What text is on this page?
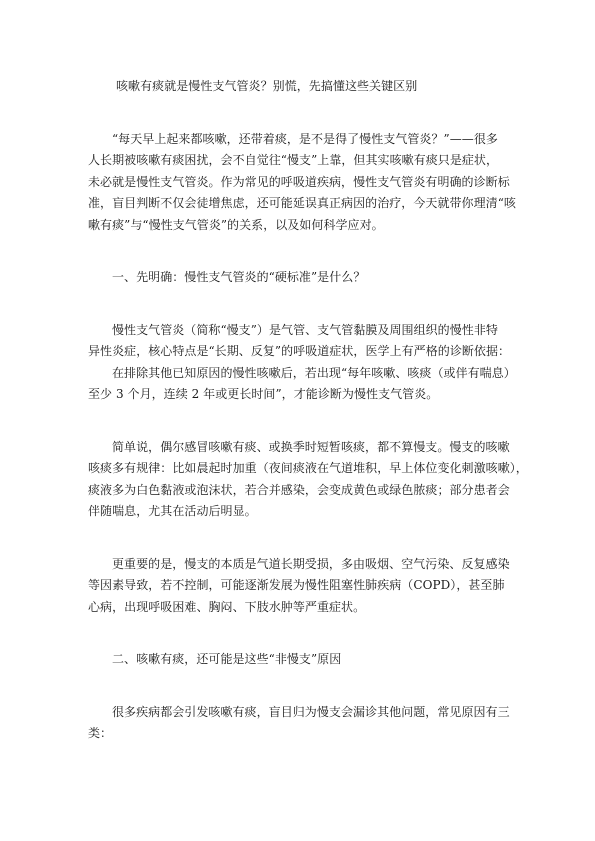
咳嗽有痰就是慢性支气管炎？别慌，先搞懂这些关键区别
“每天早上起来都咳嗽，还带着痰，是不是得了慢性支气管炎？”——很多
人长期被咳嗽有痰困扰，会不自觉往“慢支”上靠，但其实咳嗽有痰只是症状，
未必就是慢性支气管炎。作为常见的呼吸道疾病，慢性支气管炎有明确的诊断标
准，盲目判断不仅会徒增焦虑，还可能延误真正病因的治疗，今天就带你理清“咳
嗽有痰”与“慢性支气管炎”的关系，以及如何科学应对。
一、先明确：慢性支气管炎的“硬标准”是什么？
慢性支气管炎（简称“慢支”）是气管、支气管黏膜及周围组织的慢性非特
异性炎症，核心特点是“长期、反复”的呼吸道症状，医学上有严格的诊断依据：
在排除其他已知原因的慢性咳嗽后，若出现“每年咳嗽、咳痰（或伴有喘息）
至少 3 个月，连续 2 年或更长时间”，才能诊断为慢性支气管炎。
简单说，偶尔感冒咳嗽有痰、或换季时短暂咳痰，都不算慢支。慢支的咳嗽
咳痰多有规律：比如晨起时加重（夜间痰液在气道堆积，早上体位变化刺激咳嗽），
痰液多为白色黏液或泡沫状，若合并感染，会变成黄色或绿色脓痰；部分患者会
伴随喘息，尤其在活动后明显。
更重要的是，慢支的本质是气道长期受损，多由吸烟、空气污染、反复感染
等因素导致，若不控制，可能逐渐发展为慢性阻塞性肺疾病（COPD），甚至肺
心病，出现呼吸困难、胸闷、下肢水肿等严重症状。
二、咳嗽有痰，还可能是这些“非慢支”原因
很多疾病都会引发咳嗽有痰，盲目归为慢支会漏诊其他问题，常见原因有三
类：
